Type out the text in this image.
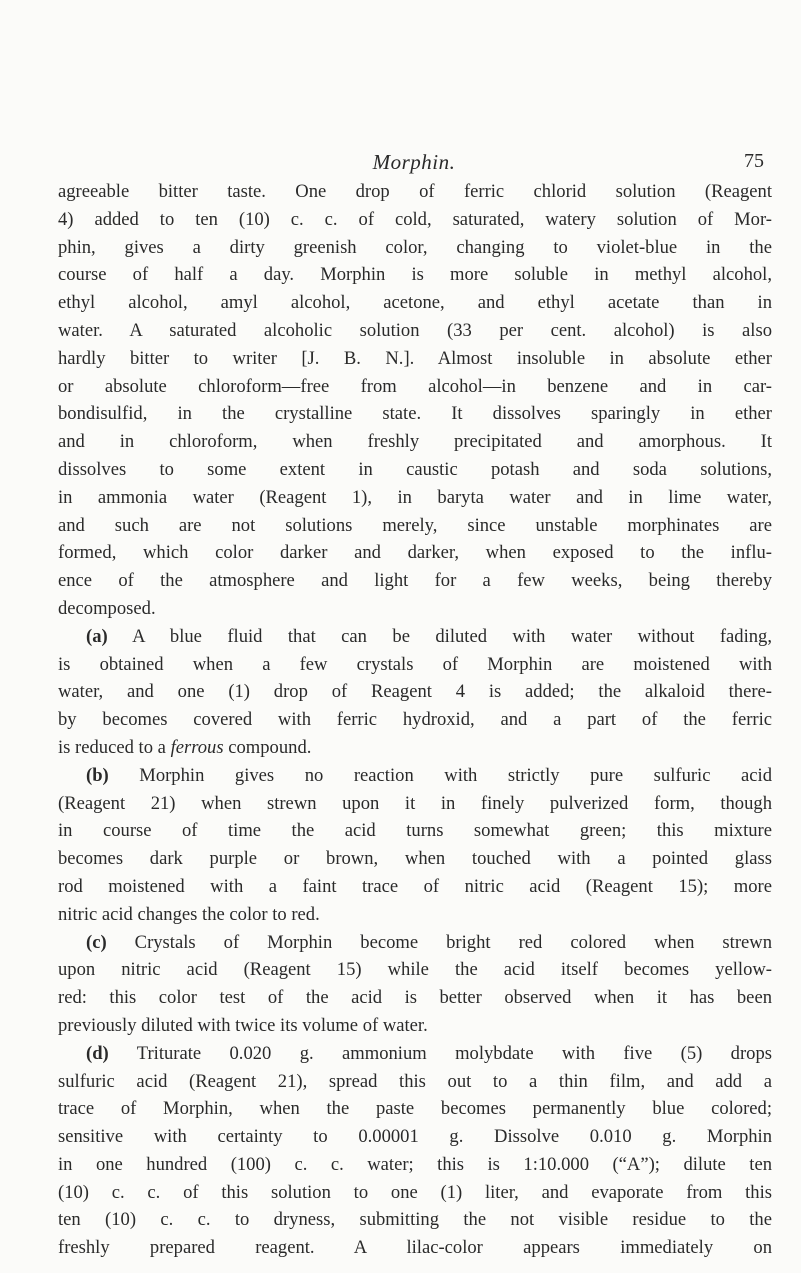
Morphin.	75
agreeable bitter taste. One drop of ferric chlorid solution (Reagent
4) added to ten (10) c. c. of cold, saturated, watery solution of Mor-
phin, gives a dirty greenish color, changing to violet-blue in the
course of half a day. Morphin is more soluble in methyl alcohol,
ethyl alcohol, amyl alcohol, acetone, and ethyl acetate than in
water. A saturated alcoholic solution (33 per cent. alcohol) is also
hardly bitter to writer [J. B. N.]. Almost insoluble in absolute ether
or absolute chloroform—free from alcohol—in benzene and in car-
bondisulfid, in the crystalline state. It dissolves sparingly in ether
and in chloroform, when freshly precipitated and amorphous. It
dissolves to some extent in caustic potash and soda solutions,
in ammonia water (Reagent 1), in baryta water and in lime water,
and such are not solutions merely, since unstable morphinates are
formed, which color darker and darker, when exposed to the influ-
ence of the atmosphere and light for a few weeks, being thereby
decomposed.
(a) A blue fluid that can be diluted with water without fading,
is obtained when a few crystals of Morphin are moistened with
water, and one (1) drop of Reagent 4 is added; the alkaloid there-
by becomes covered with ferric hydroxid, and a part of the ferric
is reduced to a ferrous compound.
(b) Morphin gives no reaction with strictly pure sulfuric acid
(Reagent 21) when strewn upon it in finely pulverized form, though
in course of time the acid turns somewhat green; this mixture
becomes dark purple or brown, when touched with a pointed glass
rod moistened with a faint trace of nitric acid (Reagent 15); more
nitric acid changes the color to red.
(c) Crystals of Morphin become bright red colored when strewn
upon nitric acid (Reagent 15) while the acid itself becomes yellow-
red: this color test of the acid is better observed when it has been
previously diluted with twice its volume of water.
(d) Triturate 0.020 g. ammonium molybdate with five (5) drops
sulfuric acid (Reagent 21), spread this out to a thin film, and add a
trace of Morphin, when the paste becomes permanently blue colored;
sensitive with certainty to 0.00001 g. Dissolve 0.010 g. Morphin
in one hundred (100) c. c. water; this is 1:10.000 (“A”); dilute ten
(10) c. c. of this solution to one (1) liter, and evaporate from this
ten (10) c. c. to dryness, submitting the not visible residue to the
freshly prepared reagent. A lilac-color appears immediately on
